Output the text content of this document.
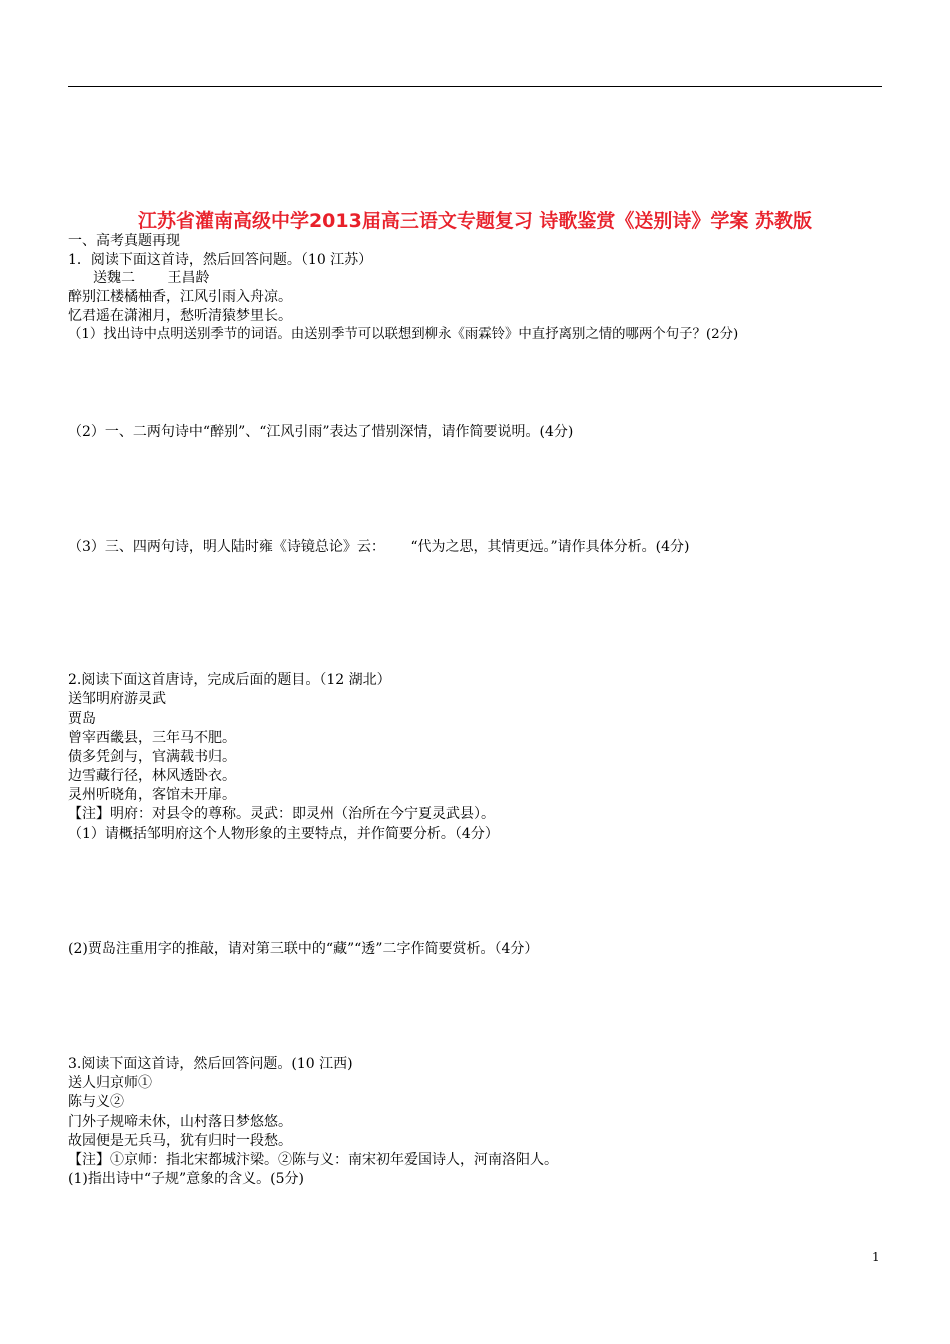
江苏省灌南高级中学2013届高三语文专题复习 诗歌鉴赏《送别诗》学案 苏教版
一、高考真题再现
1．阅读下面这首诗，然后回答问题。（10 江苏）
送魏二　　 王昌龄
醉别江楼橘柚香，江风引雨入舟凉。
忆君遥在潇湘月，愁听清猿梦里长。
（1）找出诗中点明送别季节的词语。由送别季节可以联想到柳永《雨霖铃》中直抒离别之情的哪两个句子？(2分)
（2）一、二两句诗中“醉别”、“江风引雨”表达了惜别深情，请作简要说明。(4分)
（3）三、四两句诗，明人陆时雍《诗镜总论》云：　　 “代为之思，其情更远。”请作具体分析。(4分)
2.阅读下面这首唐诗，完成后面的题目。（12 湖北）
送邹明府游灵武
贾岛
曾宰西畿县，三年马不肥。
债多凭剑与，官满载书归。
边雪藏行径，林风透卧衣。
灵州听晓角，客馆未开扉。
【注】明府：对县令的尊称。灵武：即灵州（治所在今宁夏灵武县）。
（1）请概括邹明府这个人物形象的主要特点，并作简要分析。（4分）
(2)贾岛注重用字的推敲，请对第三联中的“藏”“透”二字作简要赏析。（4分）
3.阅读下面这首诗，然后回答问题。(10 江西)
送人归京师①
陈与义②
门外子规啼未休，山村落日梦悠悠。
故园便是无兵马，犹有归时一段愁。
【注】①京师：指北宋都城汴梁。②陈与义：南宋初年爱国诗人，河南洛阳人。
(1)指出诗中“子规”意象的含义。(5分)
1
